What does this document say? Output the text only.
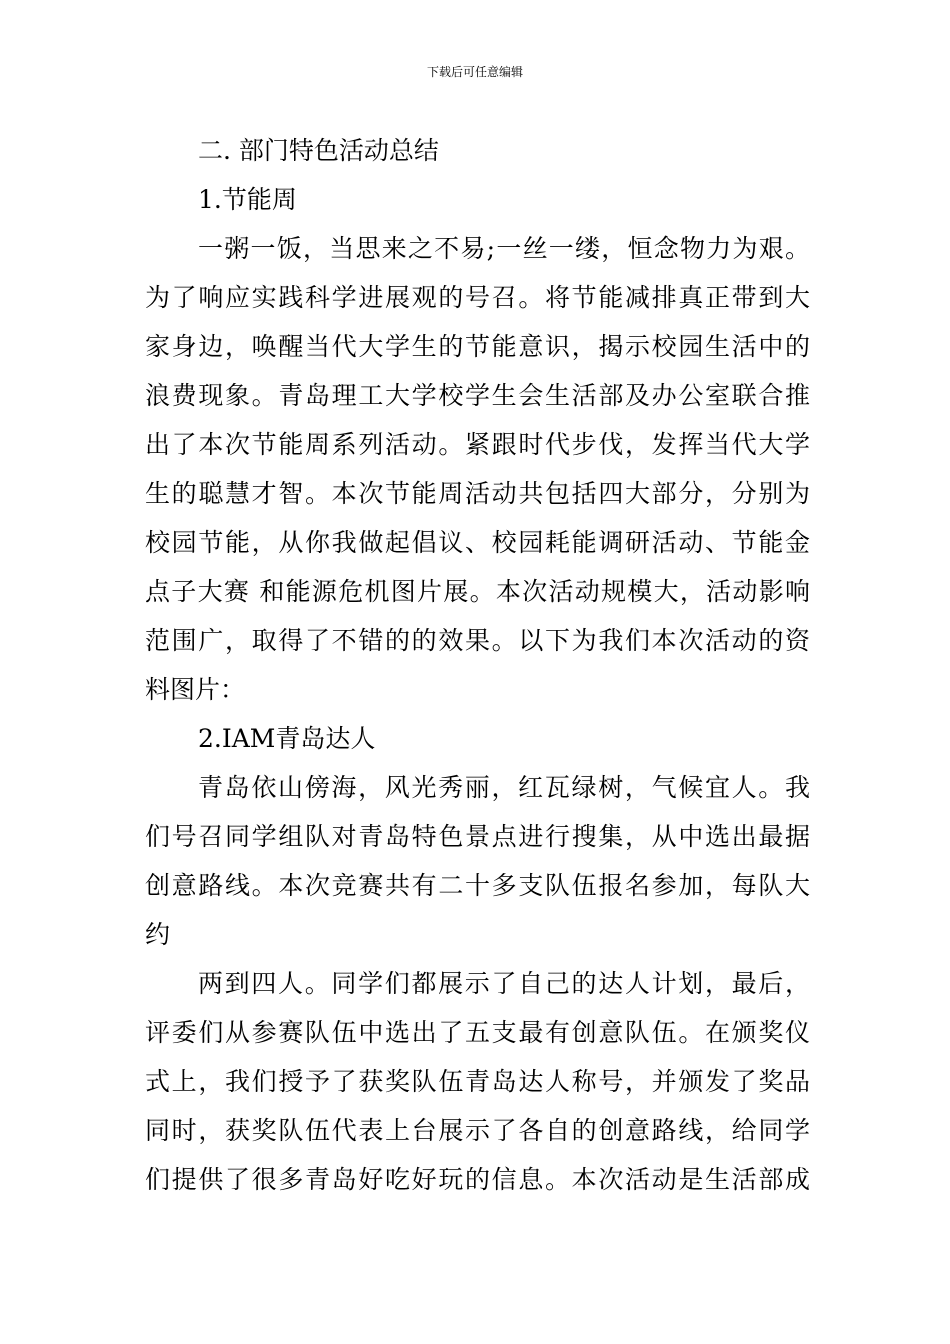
下载后可任意编辑
二. 部门特色活动总结
1.节能周
一粥一饭，当思来之不易;一丝一缕，恒念物力为艰。
为了响应实践科学进展观的号召。将节能减排真正带到大
家身边，唤醒当代大学生的节能意识，揭示校园生活中的
浪费现象。青岛理工大学校学生会生活部及办公室联合推
出了本次节能周系列活动。紧跟时代步伐，发挥当代大学
生的聪慧才智。本次节能周活动共包括四大部分，分别为
校园节能，从你我做起倡议、校园耗能调研活动、节能金
点子大赛 和能源危机图片展。本次活动规模大，活动影响
范围广，取得了不错的的效果。以下为我们本次活动的资
料图片：
2.IAM青岛达人
青岛依山傍海，风光秀丽，红瓦绿树，气候宜人。我
们号召同学组队对青岛特色景点进行搜集，从中选出最据
创意路线。本次竞赛共有二十多支队伍报名参加，每队大
约
两到四人。同学们都展示了自己的达人计划，最后，
评委们从参赛队伍中选出了五支最有创意队伍。在颁奖仪
式上，我们授予了获奖队伍青岛达人称号，并颁发了奖品
同时，获奖队伍代表上台展示了各自的创意路线，给同学
们提供了很多青岛好吃好玩的信息。本次活动是生活部成
